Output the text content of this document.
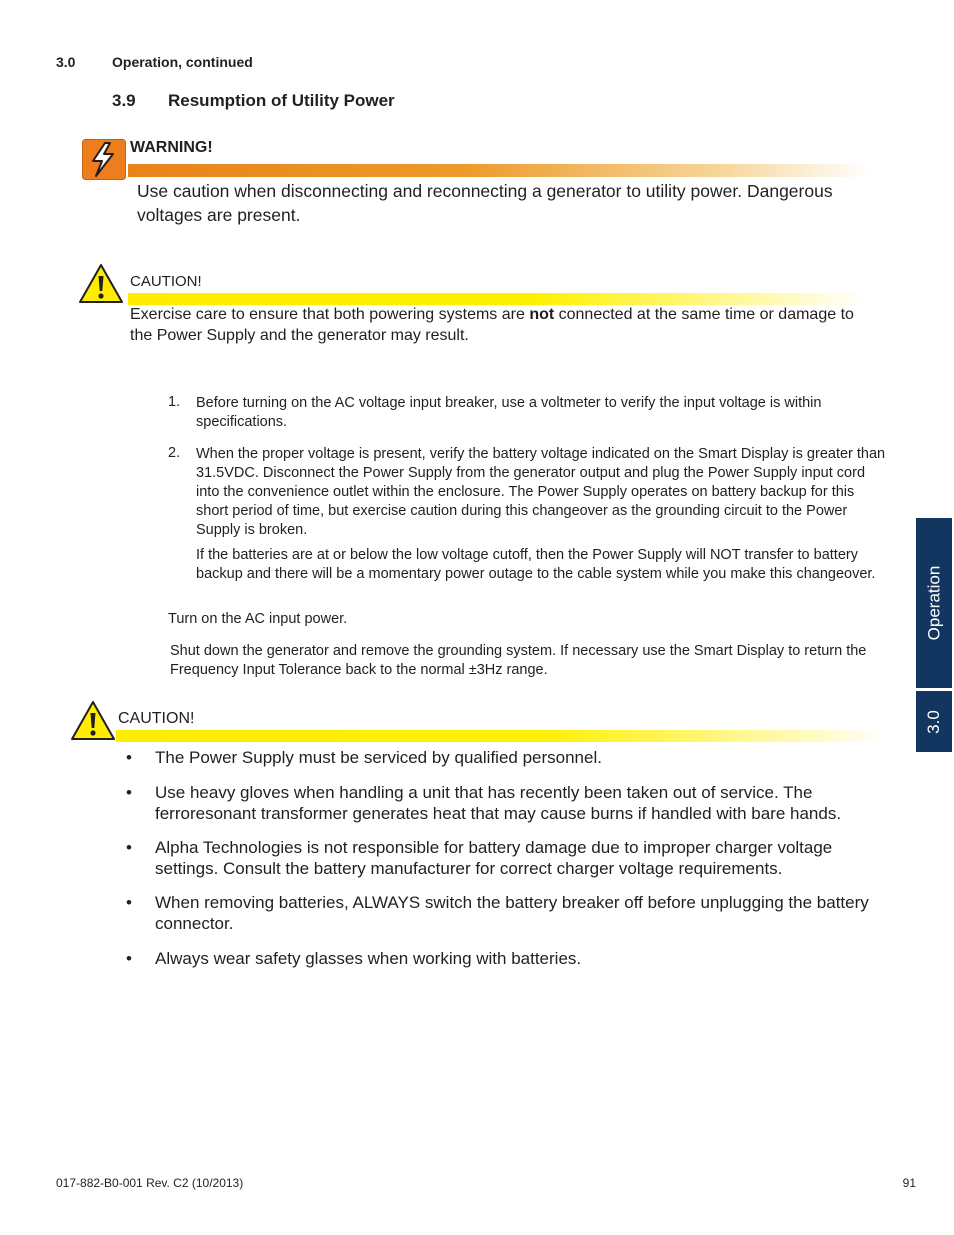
3.0	Operation, continued
3.9 Resumption of Utility Power
WARNING!
Use caution when disconnecting and reconnecting a generator to utility power. Dangerous voltages are present.
CAUTION!
Exercise care to ensure that both powering systems are not connected at the same time or damage to the Power Supply and the generator may result.
1. Before turning on the AC voltage input breaker, use a voltmeter to verify the input voltage is within specifications.
2. When the proper voltage is present, verify the battery voltage indicated on the Smart Display is greater than 31.5VDC. Disconnect the Power Supply from the generator output and plug the Power Supply input cord into the convenience outlet within the enclosure. The Power Supply operates on battery backup for this short period of time, but exercise caution during this changeover as the grounding circuit to the Power Supply is broken.
If the batteries are at or below the low voltage cutoff, then the Power Supply will NOT transfer to battery backup and there will be a momentary power outage to the cable system while you make this changeover.
Turn on the AC input power.
Shut down the generator and remove the grounding system. If necessary use the Smart Display to return the Frequency Input Tolerance back to the normal ±3Hz range.
CAUTION!
• The Power Supply must be serviced by qualified personnel.
• Use heavy gloves when handling a unit that has recently been taken out of service. The ferroresonant transformer generates heat that may cause burns if handled with bare hands.
• Alpha Technologies is not responsible for battery damage due to improper charger voltage settings. Consult the battery manufacturer for correct charger voltage requirements.
• When removing batteries, ALWAYS switch the battery breaker off before unplugging the battery connector.
• Always wear safety glasses when working with batteries.
Operation
3.0
017-882-B0-001 Rev. C2 (10/2013)	91
